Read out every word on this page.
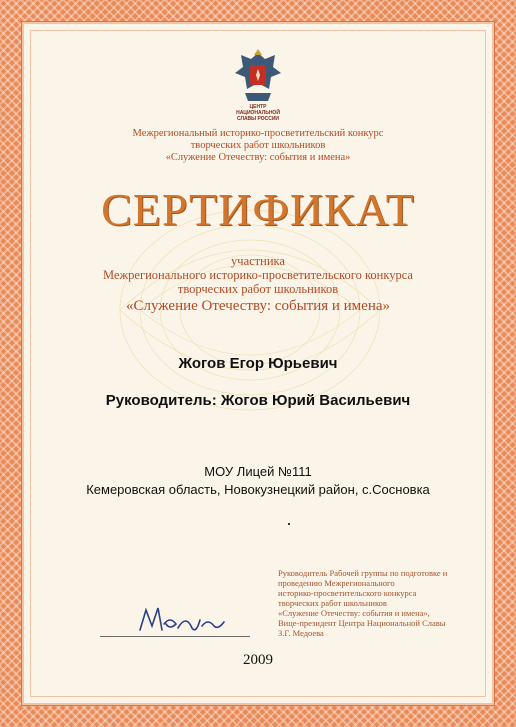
ЦЕНТР
НАЦИОНАЛЬНОЙ
СЛАВЫ РОССИИ
Межрегиональный историко-просветительский конкурс
творческих работ школьников
«Служение Отечеству: события и имена»
СЕРТИФИКАТ
участника
Межрегионального историко-просветительского конкурса
творческих работ школьников
«Служение Отечеству: события и имена»
Жогов Егор Юрьевич
Руководитель: Жогов Юрий Васильевич
МОУ Лицей №111
Кемеровская область, Новокузнецкий район, с.Сосновка
Руководитель Рабочей группы по подготовке и
проведению Межрегионального
историко-просветительского конкурса
творческих работ школьников
«Служение Отечеству: события и имена»,
Вице-президент Центра Национальной Славы
З.Г. Медоева
2009
